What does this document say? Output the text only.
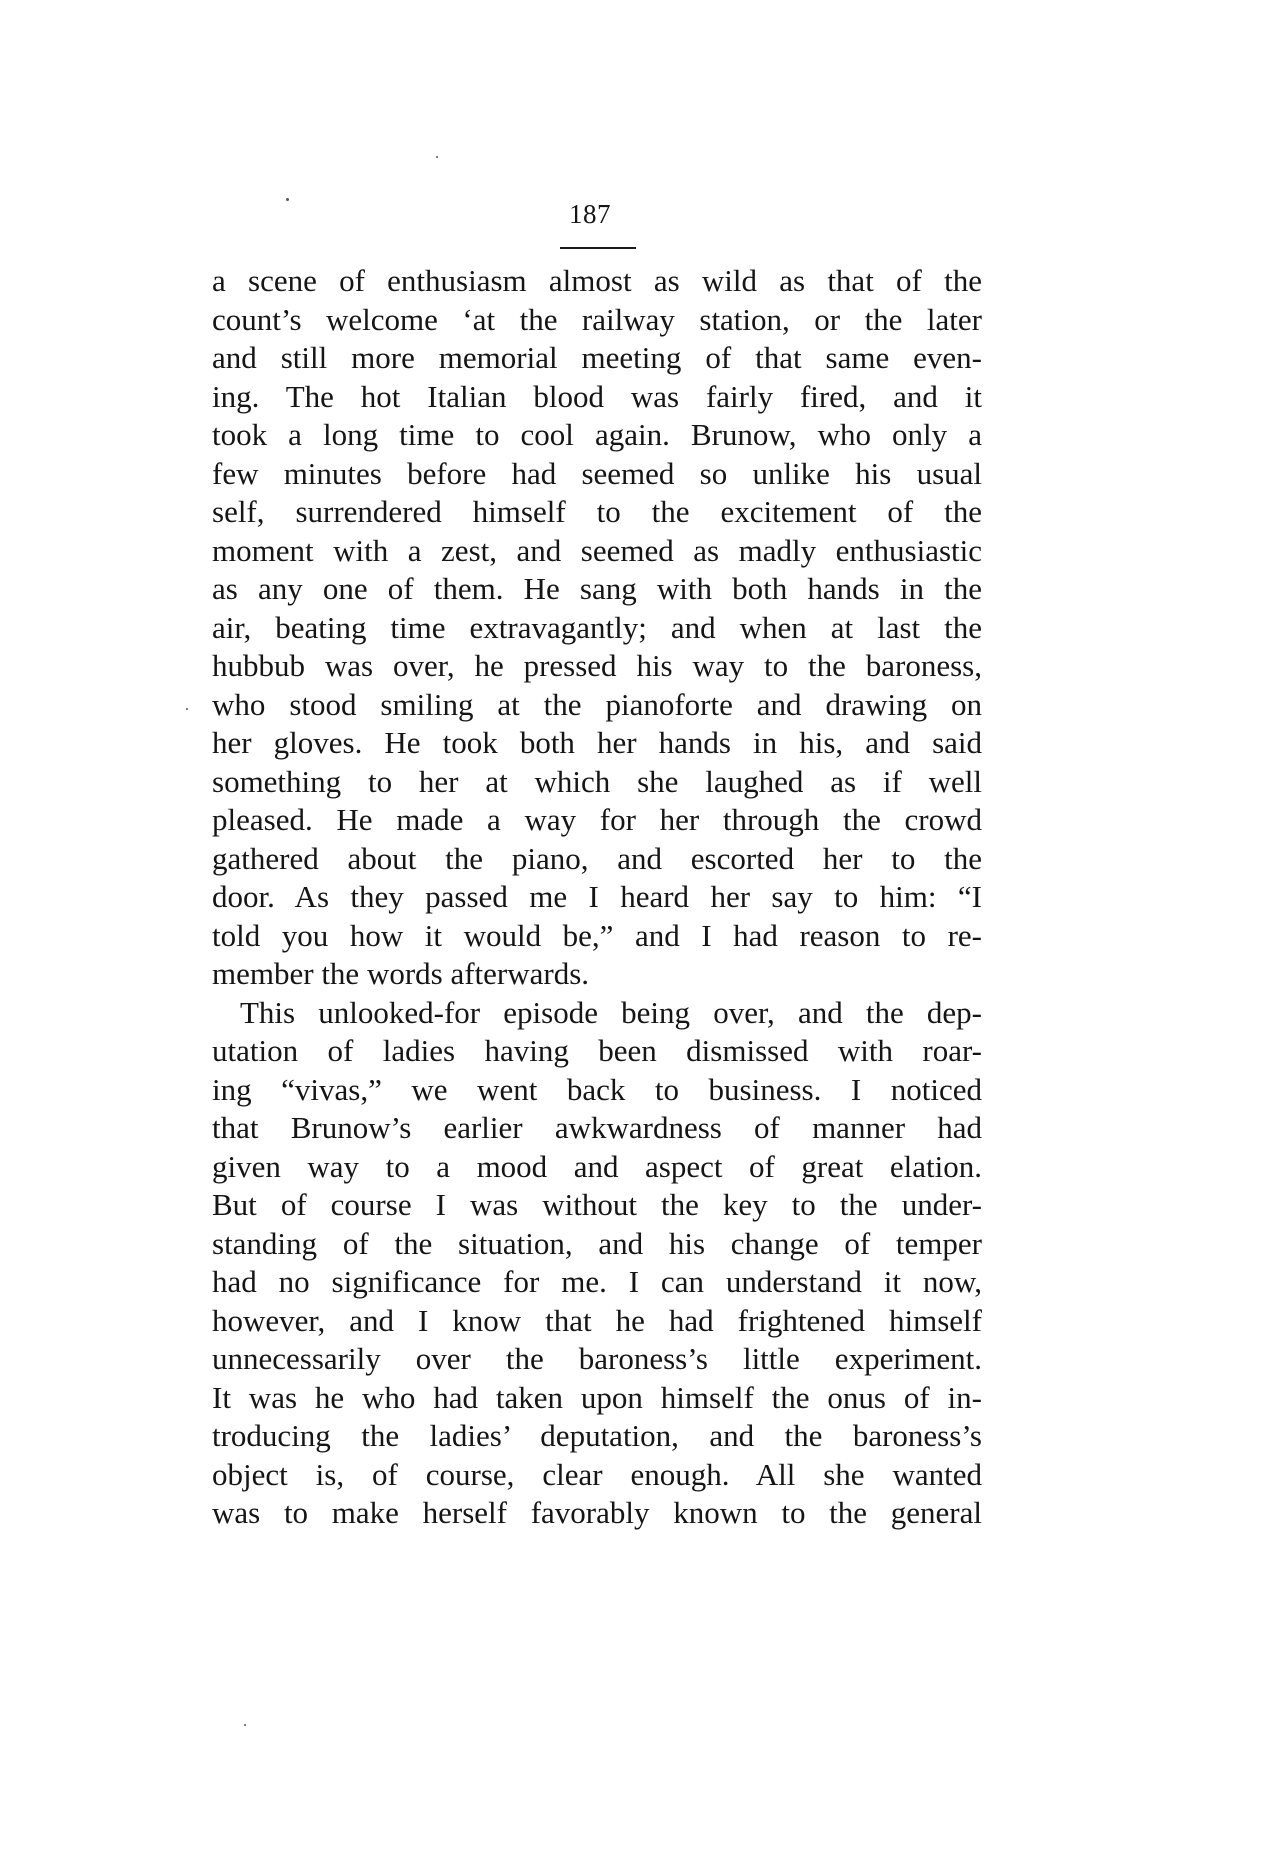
187
a scene of enthusiasm almost as wild as that of the
count’s welcome ‘at the railway station, or the later
and still more memorial meeting of that same even-
ing. The hot Italian blood was fairly fired, and it
took a long time to cool again. Brunow, who only a
few minutes before had seemed so unlike his usual
self, surrendered himself to the excitement of the
moment with a zest, and seemed as madly enthusiastic
as any one of them. He sang with both hands in the
air, beating time extravagantly; and when at last the
hubbub was over, he pressed his way to the baroness,
who stood smiling at the pianoforte and drawing on
her gloves. He took both her hands in his, and said
something to her at which she laughed as if well
pleased. He made a way for her through the crowd
gathered about the piano, and escorted her to the
door. As they passed me I heard her say to him: “I
told you how it would be,” and I had reason to re-
member the words afterwards.
This unlooked-for episode being over, and the dep-
utation of ladies having been dismissed with roar-
ing “vivas,” we went back to business. I noticed
that Brunow’s earlier awkwardness of manner had
given way to a mood and aspect of great elation.
But of course I was without the key to the under-
standing of the situation, and his change of temper
had no significance for me. I can understand it now,
however, and I know that he had frightened himself
unnecessarily over the baroness’s little experiment.
It was he who had taken upon himself the onus of in-
troducing the ladies’ deputation, and the baroness’s
object is, of course, clear enough. All she wanted
was to make herself favorably known to the general
